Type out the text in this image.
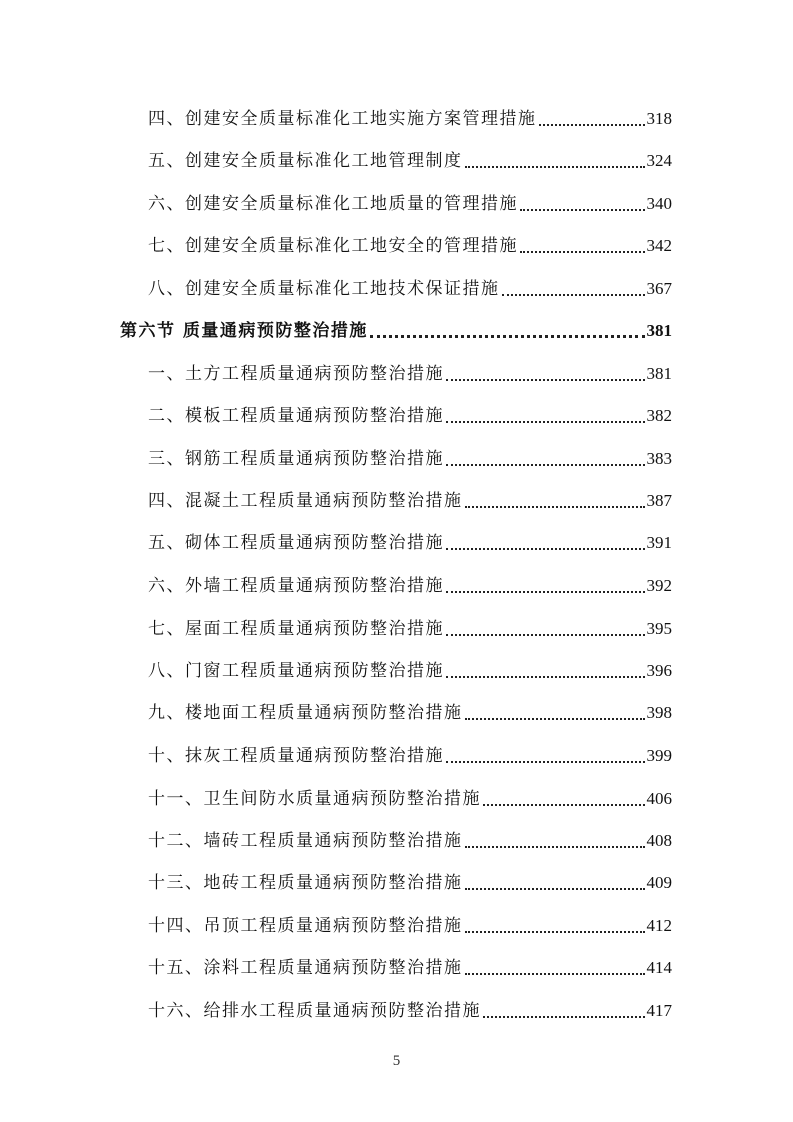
四、创建安全质量标准化工地实施方案管理措施	318
五、创建安全质量标准化工地管理制度	324
六、创建安全质量标准化工地质量的管理措施	340
七、创建安全质量标准化工地安全的管理措施	342
八、创建安全质量标准化工地技术保证措施	367
第六节 质量通病预防整治措施	381
一、土方工程质量通病预防整治措施	381
二、模板工程质量通病预防整治措施	382
三、钢筋工程质量通病预防整治措施	383
四、混凝土工程质量通病预防整治措施	387
五、砌体工程质量通病预防整治措施	391
六、外墙工程质量通病预防整治措施	392
七、屋面工程质量通病预防整治措施	395
八、门窗工程质量通病预防整治措施	396
九、楼地面工程质量通病预防整治措施	398
十、抹灰工程质量通病预防整治措施	399
十一、卫生间防水质量通病预防整治措施	406
十二、墙砖工程质量通病预防整治措施	408
十三、地砖工程质量通病预防整治措施	409
十四、吊顶工程质量通病预防整治措施	412
十五、涂料工程质量通病预防整治措施	414
十六、给排水工程质量通病预防整治措施	417
5
